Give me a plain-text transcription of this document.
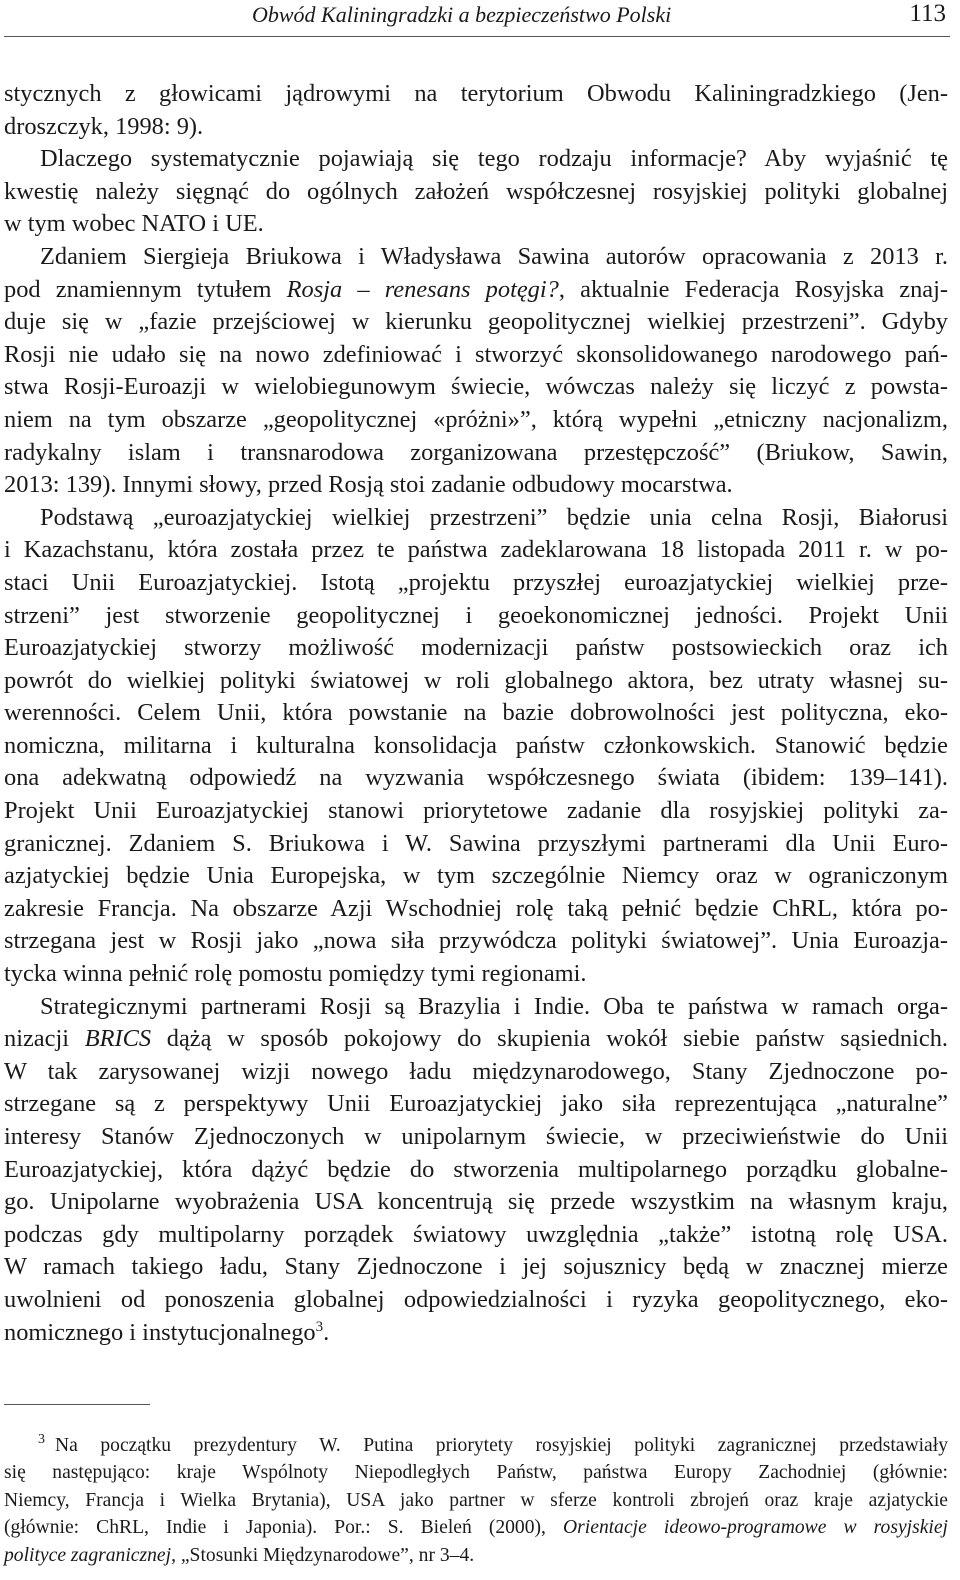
Obwód Kaliningradzki a bezpieczeństwo Polski	113
stycznych z głowicami jądrowymi na terytorium Obwodu Kaliningradzkiego (Jen-
droszczyk, 1998: 9).
Dlaczego systematycznie pojawiają się tego rodzaju informacje? Aby wyjaśnić tę
kwestię należy sięgnąć do ogólnych założeń współczesnej rosyjskiej polityki globalnej
w tym wobec NATO i UE.
Zdaniem Siergieja Briukowa i Władysława Sawina autorów opracowania z 2013 r.
pod znamiennym tytułem Rosja – renesans potęgi?, aktualnie Federacja Rosyjska znaj-
duje się w „fazie przejściowej w kierunku geopolitycznej wielkiej przestrzeni”. Gdyby
Rosji nie udało się na nowo zdefiniować i stworzyć skonsolidowanego narodowego pań-
stwa Rosji-Euroazji w wielobiegunowym świecie, wówczas należy się liczyć z powsta-
niem na tym obszarze „geopolitycznej «próżni»”, którą wypełni „etniczny nacjonalizm,
radykalny islam i transnarodowa zorganizowana przestępczość” (Briukow, Sawin,
2013: 139). Innymi słowy, przed Rosją stoi zadanie odbudowy mocarstwa.
Podstawą „euroazjatyckiej wielkiej przestrzeni” będzie unia celna Rosji, Białorusi
i Kazachstanu, która została przez te państwa zadeklarowana 18 listopada 2011 r. w po-
staci Unii Euroazjatyckiej. Istotą „projektu przyszłej euroazjatyckiej wielkiej prze-
strzeni” jest stworzenie geopolitycznej i geoekonomicznej jedności. Projekt Unii
Euroazjatyckiej stworzy możliwość modernizacji państw postsowieckich oraz ich
powrót do wielkiej polityki światowej w roli globalnego aktora, bez utraty własnej su-
werenności. Celem Unii, która powstanie na bazie dobrowolności jest polityczna, eko-
nomiczna, militarna i kulturalna konsolidacja państw członkowskich. Stanowić będzie
ona adekwatną odpowiedź na wyzwania współczesnego świata (ibidem: 139–141).
Projekt Unii Euroazjatyckiej stanowi priorytetowe zadanie dla rosyjskiej polityki za-
granicznej. Zdaniem S. Briukowa i W. Sawina przyszłymi partnerami dla Unii Euro-
azjatyckiej będzie Unia Europejska, w tym szczególnie Niemcy oraz w ograniczonym
zakresie Francja. Na obszarze Azji Wschodniej rolę taką pełnić będzie ChRL, która po-
strzegana jest w Rosji jako „nowa siła przywódcza polityki światowej”. Unia Euroazja-
tycka winna pełnić rolę pomostu pomiędzy tymi regionami.
Strategicznymi partnerami Rosji są Brazylia i Indie. Oba te państwa w ramach orga-
nizacji BRICS dążą w sposób pokojowy do skupienia wokół siebie państw sąsiednich.
W tak zarysowanej wizji nowego ładu międzynarodowego, Stany Zjednoczone po-
strzegane są z perspektywy Unii Euroazjatyckiej jako siła reprezentująca „naturalne”
interesy Stanów Zjednoczonych w unipolarnym świecie, w przeciwieństwie do Unii
Euroazjatyckiej, która dążyć będzie do stworzenia multipolarnego porządku globalne-
go. Unipolarne wyobrażenia USA koncentrują się przede wszystkim na własnym kraju,
podczas gdy multipolarny porządek światowy uwzględnia „także” istotną rolę USA.
W ramach takiego ładu, Stany Zjednoczone i jej sojusznicy będą w znacznej mierze
uwolnieni od ponoszenia globalnej odpowiedzialności i ryzyka geopolitycznego, eko-
nomicznego i instytucjonalnego$^3$.
$^3$ Na początku prezydentury W. Putina priorytety rosyjskiej polityki zagranicznej przedstawiały
się następująco: kraje Wspólnoty Niepodległych Państw, państwa Europy Zachodniej (głównie:
Niemcy, Francja i Wielka Brytania), USA jako partner w sferze kontroli zbrojeń oraz kraje azjatyckie
(głównie: ChRL, Indie i Japonia). Por.: S. Bieleń (2000), Orientacje ideowo-programowe w rosyjskiej
polityce zagranicznej, „Stosunki Międzynarodowe”, nr 3–4.
